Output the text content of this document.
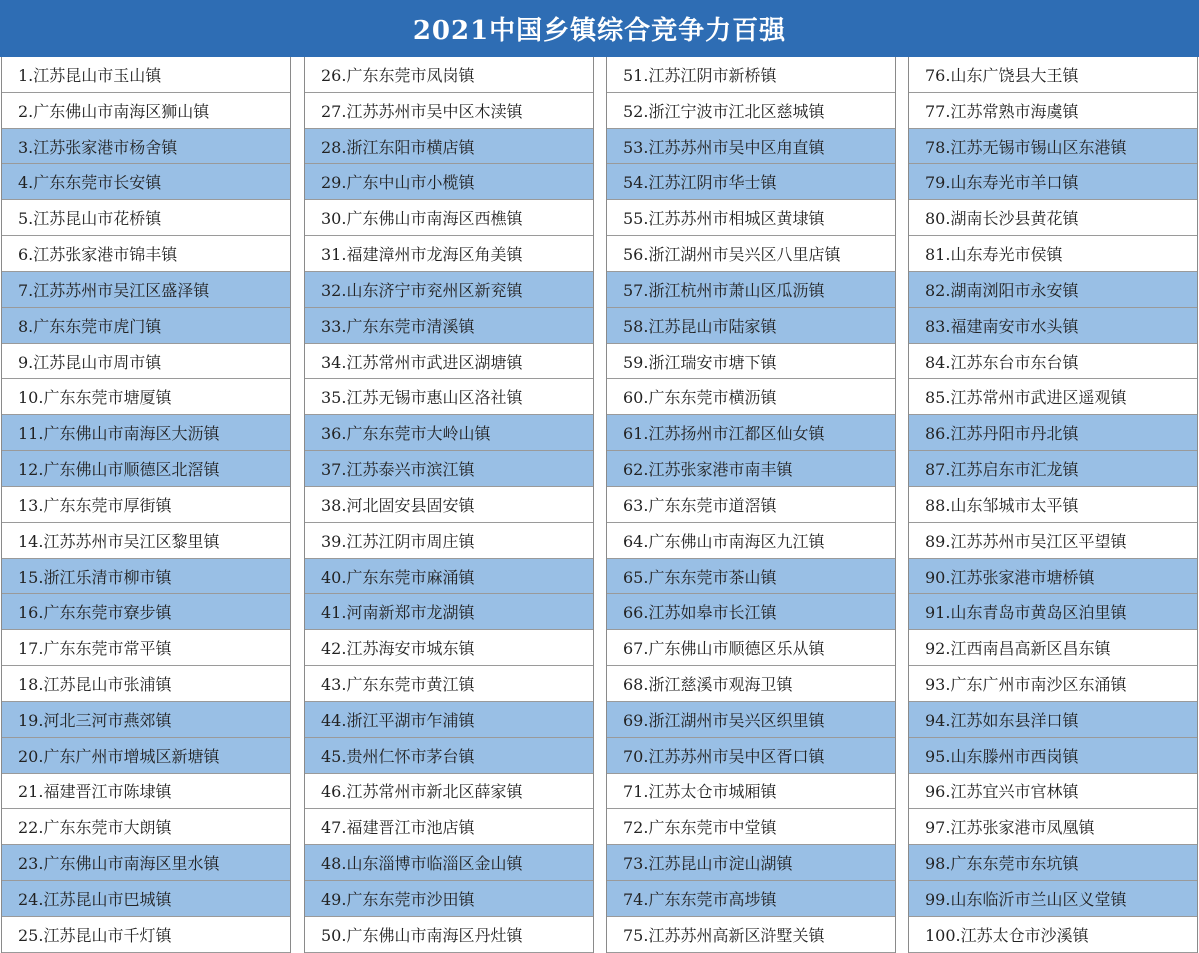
2021中国乡镇综合竞争力百强
1.江苏昆山市玉山镇
2.广东佛山市南海区狮山镇
3.江苏张家港市杨舍镇
4.广东东莞市长安镇
5.江苏昆山市花桥镇
6.江苏张家港市锦丰镇
7.江苏苏州市吴江区盛泽镇
8.广东东莞市虎门镇
9.江苏昆山市周市镇
10.广东东莞市塘厦镇
11.广东佛山市南海区大沥镇
12.广东佛山市顺德区北滘镇
13.广东东莞市厚街镇
14.江苏苏州市吴江区黎里镇
15.浙江乐清市柳市镇
16.广东东莞市寮步镇
17.广东东莞市常平镇
18.江苏昆山市张浦镇
19.河北三河市燕郊镇
20.广东广州市增城区新塘镇
21.福建晋江市陈埭镇
22.广东东莞市大朗镇
23.广东佛山市南海区里水镇
24.江苏昆山市巴城镇
25.江苏昆山市千灯镇
26.广东东莞市凤岗镇
27.江苏苏州市吴中区木渎镇
28.浙江东阳市横店镇
29.广东中山市小榄镇
30.广东佛山市南海区西樵镇
31.福建漳州市龙海区角美镇
32.山东济宁市兖州区新兖镇
33.广东东莞市清溪镇
34.江苏常州市武进区湖塘镇
35.江苏无锡市惠山区洛社镇
36.广东东莞市大岭山镇
37.江苏泰兴市滨江镇
38.河北固安县固安镇
39.江苏江阴市周庄镇
40.广东东莞市麻涌镇
41.河南新郑市龙湖镇
42.江苏海安市城东镇
43.广东东莞市黄江镇
44.浙江平湖市乍浦镇
45.贵州仁怀市茅台镇
46.江苏常州市新北区薛家镇
47.福建晋江市池店镇
48.山东淄博市临淄区金山镇
49.广东东莞市沙田镇
50.广东佛山市南海区丹灶镇
51.江苏江阴市新桥镇
52.浙江宁波市江北区慈城镇
53.江苏苏州市吴中区甪直镇
54.江苏江阴市华士镇
55.江苏苏州市相城区黄埭镇
56.浙江湖州市吴兴区八里店镇
57.浙江杭州市萧山区瓜沥镇
58.江苏昆山市陆家镇
59.浙江瑞安市塘下镇
60.广东东莞市横沥镇
61.江苏扬州市江都区仙女镇
62.江苏张家港市南丰镇
63.广东东莞市道滘镇
64.广东佛山市南海区九江镇
65.广东东莞市茶山镇
66.江苏如皋市长江镇
67.广东佛山市顺德区乐从镇
68.浙江慈溪市观海卫镇
69.浙江湖州市吴兴区织里镇
70.江苏苏州市吴中区胥口镇
71.江苏太仓市城厢镇
72.广东东莞市中堂镇
73.江苏昆山市淀山湖镇
74.广东东莞市高埗镇
75.江苏苏州高新区浒墅关镇
76.山东广饶县大王镇
77.江苏常熟市海虞镇
78.江苏无锡市锡山区东港镇
79.山东寿光市羊口镇
80.湖南长沙县黄花镇
81.山东寿光市侯镇
82.湖南浏阳市永安镇
83.福建南安市水头镇
84.江苏东台市东台镇
85.江苏常州市武进区遥观镇
86.江苏丹阳市丹北镇
87.江苏启东市汇龙镇
88.山东邹城市太平镇
89.江苏苏州市吴江区平望镇
90.江苏张家港市塘桥镇
91.山东青岛市黄岛区泊里镇
92.江西南昌高新区昌东镇
93.广东广州市南沙区东涌镇
94.江苏如东县洋口镇
95.山东滕州市西岗镇
96.江苏宜兴市官林镇
97.江苏张家港市凤凰镇
98.广东东莞市东坑镇
99.山东临沂市兰山区义堂镇
100.江苏太仓市沙溪镇
